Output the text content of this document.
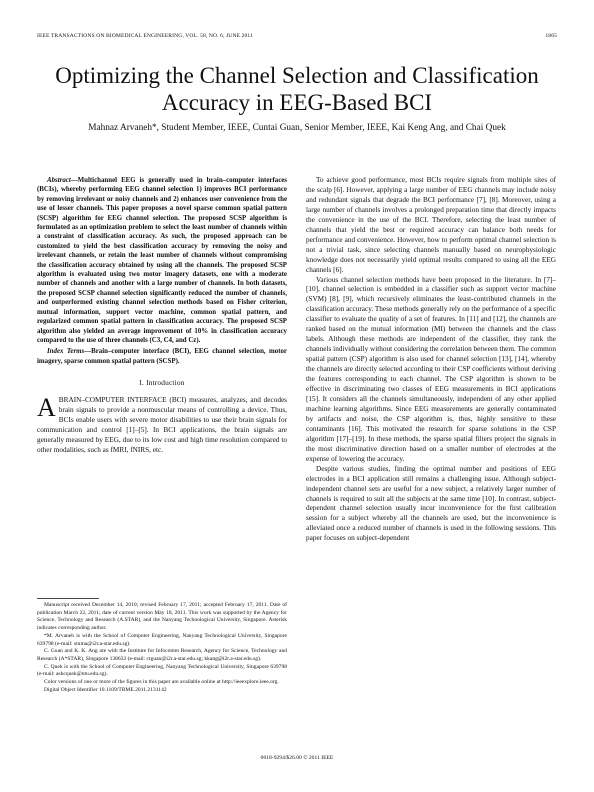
IEEE TRANSACTIONS ON BIOMEDICAL ENGINEERING, VOL. 58, NO. 6, JUNE 2011	1865
Optimizing the Channel Selection and Classification Accuracy in EEG-Based BCI
Mahnaz Arvaneh*, Student Member, IEEE, Cuntai Guan, Senior Member, IEEE, Kai Keng Ang, and Chai Quek
Abstract—Multichannel EEG is generally used in brain–computer interfaces (BCIs), whereby performing EEG channel selection 1) improves BCI performance by removing irrelevant or noisy channels and 2) enhances user convenience from the use of lesser channels. This paper proposes a novel sparse common spatial pattern (SCSP) algorithm for EEG channel selection. The proposed SCSP algorithm is formulated as an optimization problem to select the least number of channels within a constraint of classification accuracy. As such, the proposed approach can be customized to yield the best classification accuracy by removing the noisy and irrelevant channels, or retain the least number of channels without compromising the classification accuracy obtained by using all the channels. The proposed SCSP algorithm is evaluated using two motor imagery datasets, one with a moderate number of channels and another with a large number of channels. In both datasets, the proposed SCSP channel selection significantly reduced the number of channels, and outperformed existing channel selection methods based on Fisher criterion, mutual information, support vector machine, common spatial pattern, and regularized common spatial pattern in classification accuracy. The proposed SCSP algorithm also yielded an average improvement of 10% in classification accuracy compared to the use of three channels (C3, C4, and Cz).
Index Terms—Brain–computer interface (BCI), EEG channel selection, motor imagery, sparse common spatial pattern (SCSP).
I. Introduction
ABRAIN–COMPUTER INTERFACE (BCI) measures, analyzes, and decodes brain signals to provide a nonmuscular means of controlling a device. Thus, BCIs enable users with severe motor disabilities to use their brain signals for communication and control [1]–[5]. In BCI applications, the brain signals are generally measured by EEG, due to its low cost and high time resolution compared to other modalities, such as fMRI, fNIRS, etc.

Manuscript received December 14, 2010; revised February 17, 2011; accepted February 17, 2011. Date of publication March 22, 2011; date of current version May 18, 2011. This work was supported by the Agency for Science, Technology and Research (A.STAR), and the Nanyang Technological University, Singapore. Asterisk indicates corresponding author.

*M. Arvaneh is with the School of Computer Engineering, Nanyang Technological University, Singapore 639798 (e-mail: stuma@i2r.a-star.edu.sg).

C. Guan and K. K. Ang are with the Institute for Infocomm Research, Agency for Science, Technology and Research (A*STAR), Singapore 138632 (e-mail: ctguan@i2r.a-star.edu.sg; kkang@i2r.a-star.edu.sg).

C. Quek is with the School of Computer Engineering, Nanyang Technological University, Singapore 639798 (e-mail: ashcquek@ntu.edu.sg).

Color versions of one or more of the figures in this paper are available online at http://ieeexplore.ieee.org.

Digital Object Identifier 10.1109/TBME.2011.2131142

To achieve good performance, most BCIs require signals from multiple sites of the scalp [6]. However, applying a large number of EEG channels may include noisy and redundant signals that degrade the BCI performance [7], [8]. Moreover, using a large number of channels involves a prolonged preparation time that directly impacts the convenience in the use of the BCI. Therefore, selecting the least number of channels that yield the best or required accuracy can balance both needs for performance and convenience. However, how to perform optimal channel selection is not a trivial task, since selecting channels manually based on neurophysiologic knowledge does not necessarily yield optimal results compared to using all the EEG channels [6].

Various channel selection methods have been proposed in the literature. In [7]–[10], channel selection is embedded in a classifier such as support vector machine (SVM) [8], [9], which recursively eliminates the least-contributed channels in the classification accuracy. These methods generally rely on the performance of a specific classifier to evaluate the quality of a set of features. In [11] and [12], the channels are ranked based on the mutual information (MI) between the channels and the class labels. Although these methods are independent of the classifier, they rank the channels individually without considering the correlation between them. The common spatial pattern (CSP) algorithm is also used for channel selection [13], [14], whereby the channels are directly selected according to their CSP coefficients without deriving the features corresponding to each channel. The CSP algorithm is shown to be effective in discriminating two classes of EEG measurements in BCI applications [15]. It considers all the channels simultaneously, independent of any other applied machine learning algorithms. Since EEG measurements are generally contaminated by artifacts and noise, the CSP algorithm is, thus, highly sensitive to these contaminants [16]. This motivated the research for sparse solutions in the CSP algorithm [17]–[19]. In these methods, the sparse spatial filters project the signals in the most discriminative direction based on a smaller number of electrodes at the expense of lowering the accuracy.

Despite various studies, finding the optimal number and positions of EEG electrodes in a BCI application still remains a challenging issue. Although subject-independent channel sets are useful for a new subject, a relatively larger number of channels is required to suit all the subjects at the same time [10]. In contrast, subject-dependent channel selection usually incur inconvenience for the first calibration session for a subject whereby all the channels are used, but the inconvenience is alleviated once a reduced number of channels is used in the following sessions. This paper focuses on subject-dependent

0018-9294/$26.00 © 2011 IEEE
